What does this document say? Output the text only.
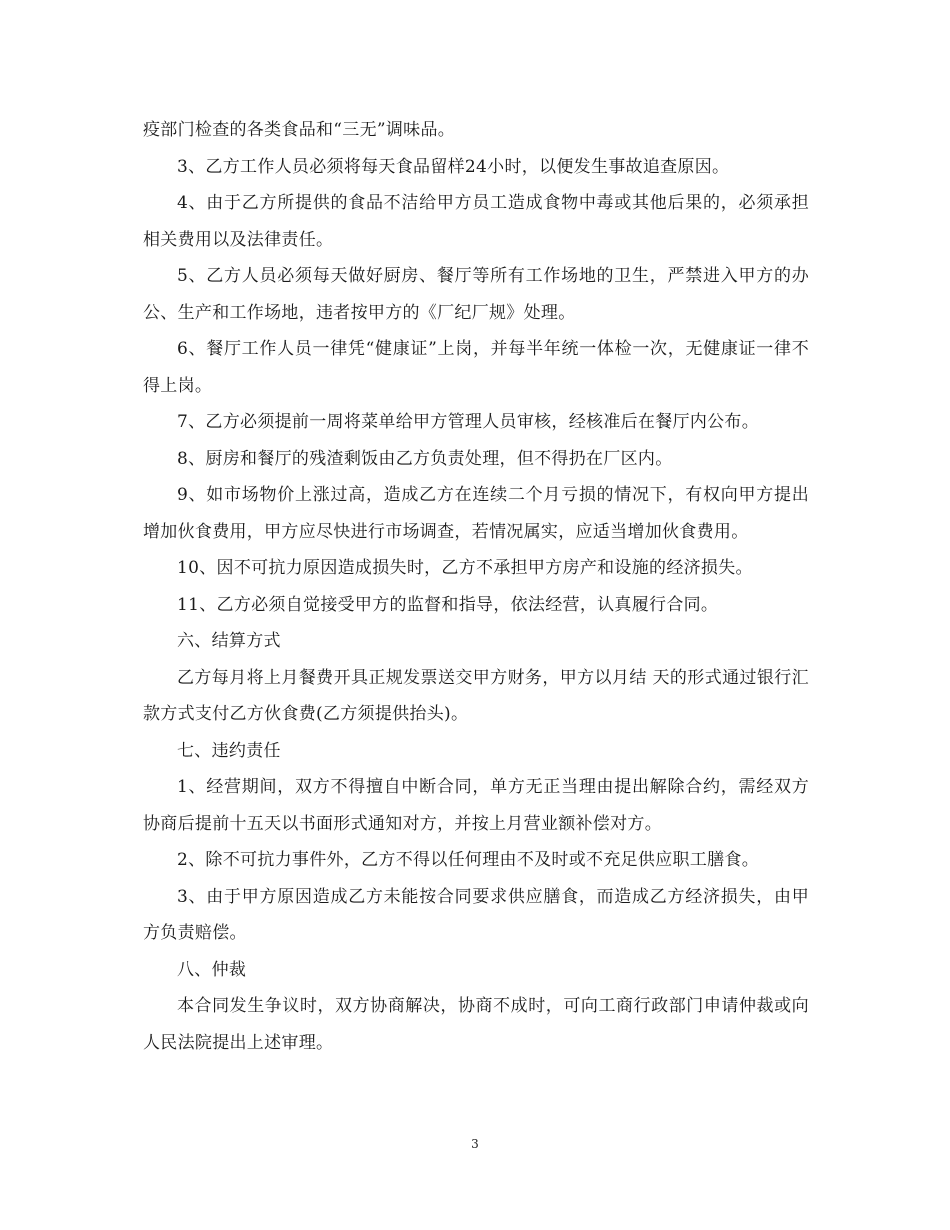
疫部门检查的各类食品和“三无”调味品。

3、乙方工作人员必须将每天食品留样24小时，以便发生事故追查原因。

4、由于乙方所提供的食品不洁给甲方员工造成食物中毒或其他后果的，必须承担相关费用以及法律责任。

5、乙方人员必须每天做好厨房、餐厅等所有工作场地的卫生，严禁进入甲方的办公、生产和工作场地，违者按甲方的《厂纪厂规》处理。

6、餐厅工作人员一律凭“健康证”上岗，并每半年统一体检一次，无健康证一律不得上岗。

7、乙方必须提前一周将菜单给甲方管理人员审核，经核准后在餐厅内公布。

8、厨房和餐厅的残渣剩饭由乙方负责处理，但不得扔在厂区内。

9、如市场物价上涨过高，造成乙方在连续二个月亏损的情况下，有权向甲方提出增加伙食费用，甲方应尽快进行市场调查，若情况属实，应适当增加伙食费用。

10、因不可抗力原因造成损失时，乙方不承担甲方房产和设施的经济损失。

11、乙方必须自觉接受甲方的监督和指导，依法经营，认真履行合同。

六、结算方式

乙方每月将上月餐费开具正规发票送交甲方财务，甲方以月结 天的形式通过银行汇款方式支付乙方伙食费(乙方须提供抬头)。

七、违约责任

1、经营期间，双方不得擅自中断合同，单方无正当理由提出解除合约，需经双方协商后提前十五天以书面形式通知对方，并按上月营业额补偿对方。

2、除不可抗力事件外，乙方不得以任何理由不及时或不充足供应职工膳食。

3、由于甲方原因造成乙方未能按合同要求供应膳食，而造成乙方经济损失，由甲方负责赔偿。

八、仲裁

本合同发生争议时，双方协商解决，协商不成时，可向工商行政部门申请仲裁或向人民法院提出上述审理。

3
